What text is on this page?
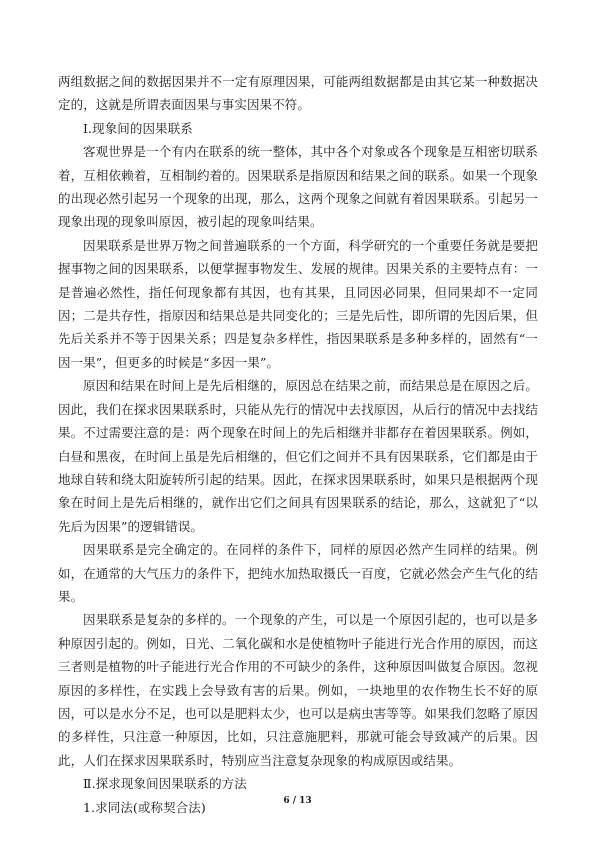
两组数据之间的数据因果并不一定有原理因果，可能两组数据都是由其它某一种数据决定的，这就是所谓表面因果与事实因果不符。

Ⅰ.现象间的因果联系

客观世界是一个有内在联系的统一整体，其中各个对象或各个现象是互相密切联系着，互相依赖着，互相制约着的。因果联系是指原因和结果之间的联系。如果一个现象的出现必然引起另一个现象的出现，那么，这两个现象之间就有着因果联系。引起另一现象出现的现象叫原因，被引起的现象叫结果。

因果联系是世界万物之间普遍联系的一个方面，科学研究的一个重要任务就是要把握事物之间的因果联系，以便掌握事物发生、发展的规律。因果关系的主要特点有：一是普遍必然性，指任何现象都有其因，也有其果，且同因必同果，但同果却不一定同因；二是共存性，指原因和结果总是共同变化的；三是先后性，即所谓的先因后果，但先后关系并不等于因果关系；四是复杂多样性，指因果联系是多种多样的，固然有“一因一果”，但更多的时候是“多因一果”。

原因和结果在时间上是先后相继的，原因总在结果之前，而结果总是在原因之后。因此，我们在探求因果联系时，只能从先行的情况中去找原因，从后行的情况中去找结果。不过需要注意的是：两个现象在时间上的先后相继并非都存在着因果联系。例如，白昼和黑夜，在时间上虽是先后相继的，但它们之间并不具有因果联系，它们都是由于地球自转和绕太阳旋转所引起的结果。因此，在探求因果联系时，如果只是根据两个现象在时间上是先后相继的，就作出它们之间具有因果联系的结论，那么，这就犯了“以先后为因果”的逻辑错误。

因果联系是完全确定的。在同样的条件下，同样的原因必然产生同样的结果。例如，在通常的大气压力的条件下，把纯水加热取摄氏一百度，它就必然会产生气化的结果。

因果联系是复杂的多样的。一个现象的产生，可以是一个原因引起的，也可以是多种原因引起的。例如，日光、二氧化碳和水是使植物叶子能进行光合作用的原因，而这三者则是植物的叶子能进行光合作用的不可缺少的条件，这种原因叫做复合原因。忽视原因的多样性，在实践上会导致有害的后果。例如，一块地里的农作物生长不好的原因，可以是水分不足，也可以是肥料太少，也可以是病虫害等等。如果我们忽略了原因的多样性，只注意一种原因，比如，只注意施肥料，那就可能会导致减产的后果。因此，人们在探求因果联系时，特别应当注意复杂现象的构成原因或结果。

Ⅱ.探求现象间因果联系的方法

1.求同法(或称契合法)	6 / 13
